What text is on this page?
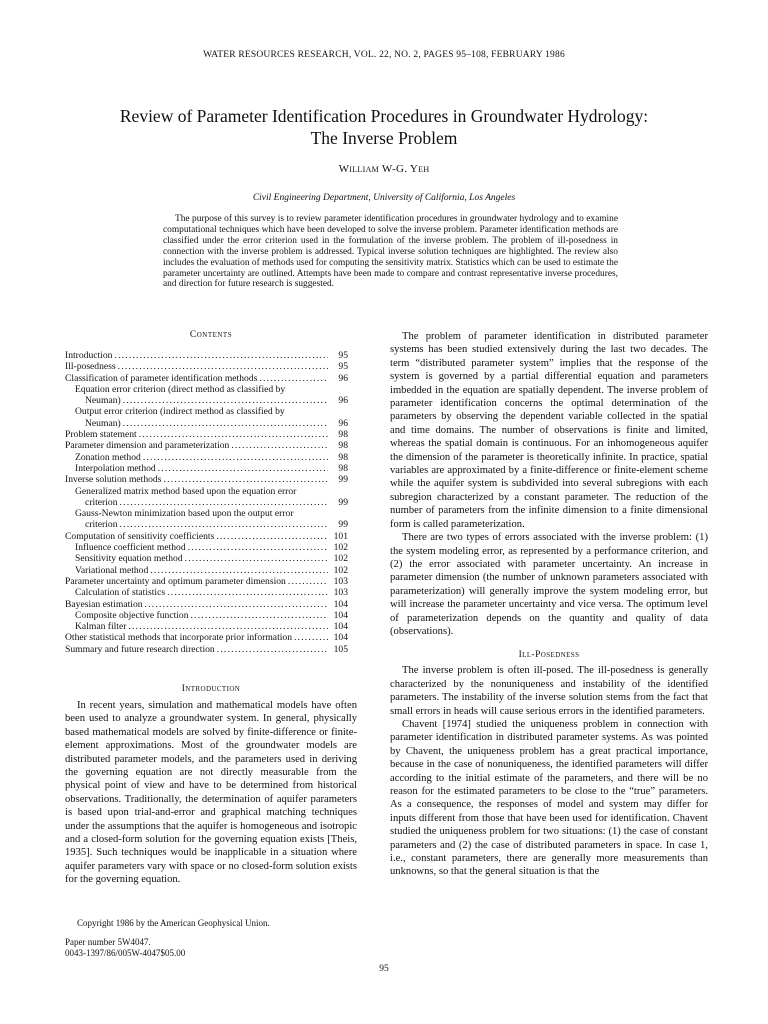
WATER RESOURCES RESEARCH, VOL. 22, NO. 2, PAGES 95–108, FEBRUARY 1986
Review of Parameter Identification Procedures in Groundwater Hydrology:
The Inverse Problem
William W-G. Yeh
Civil Engineering Department, University of California, Los Angeles
The purpose of this survey is to review parameter identification procedures in groundwater hydrology and to examine computational techniques which have been developed to solve the inverse problem. Parameter identification methods are classified under the error criterion used in the formulation of the inverse problem. The problem of ill-posedness in connection with the inverse problem is addressed. Typical inverse solution techniques are highlighted. The review also includes the evaluation of methods used for computing the sensitivity matrix. Statistics which can be used to estimate the parameter uncertainty are outlined. Attempts have been made to compare and contrast representative inverse procedures, and direction for future research is suggested.
Contents
Introduction .....	95
Ill-posedness .....	95
Classification of parameter identification methods .....	96
Equation error criterion (direct method as classified by
Neuman) .....	96
Output error criterion (indirect method as classified by
Neuman) .....	96
Problem statement .....	98
Parameter dimension and parameterization .....	98
Zonation method .....	98
Interpolation method .....	98
Inverse solution methods .....	99
Generalized matrix method based upon the equation error
criterion .....	99
Gauss-Newton minimization based upon the output error
criterion .....	99
Computation of sensitivity coefficients .....	101
Influence coefficient method .....	102
Sensitivity equation method .....	102
Variational method .....	102
Parameter uncertainty and optimum parameter dimension .....	103
Calculation of statistics .....	103
Bayesian estimation .....	104
Composite objective function .....	104
Kalman filter .....	104
Other statistical methods that incorporate prior information .....	104
Summary and future research direction .....	105
Introduction

In recent years, simulation and mathematical models have often been used to analyze a groundwater system. In general, physically based mathematical models are solved by finite-difference or finite-element approximations. Most of the groundwater models are distributed parameter models, and the parameters used in deriving the governing equation are not directly measurable from the physical point of view and have to be determined from historical observations. Traditionally, the determination of aquifer parameters is based upon trial-and-error and graphical matching techniques under the assumptions that the aquifer is homogeneous and isotropic and a closed-form solution for the governing equation exists [Theis, 1935]. Such techniques would be inapplicable in a situation where aquifer parameters vary with space or no closed-form solution exists for the governing equation.

Copyright 1986 by the American Geophysical Union.
Paper number 5W4047.
0043-1397/86/005W-4047$05.00

The problem of parameter identification in distributed parameter systems has been studied extensively during the last two decades. The term “distributed parameter system” implies that the response of the system is governed by a partial differential equation and parameters imbedded in the equation are spatially dependent. The inverse problem of parameter identification concerns the optimal determination of the parameters by observing the dependent variable collected in the spatial and time domains. The number of observations is finite and limited, whereas the spatial domain is continuous. For an inhomogeneous aquifer the dimension of the parameter is theoretically infinite. In practice, spatial variables are approximated by a finite-difference or finite-element scheme while the aquifer system is subdivided into several subregions with each subregion characterized by a constant parameter. The reduction of the number of parameters from the infinite dimension to a finite dimensional form is called parameterization.

There are two types of errors associated with the inverse problem: (1) the system modeling error, as represented by a performance criterion, and (2) the error associated with parameter uncertainty. An increase in parameter dimension (the number of unknown parameters associated with parameterization) will generally improve the system modeling error, but will increase the parameter uncertainty and vice versa. The optimum level of parameterization depends on the quantity and quality of data (observations).

Ill-Posedness

The inverse problem is often ill-posed. The ill-posedness is generally characterized by the nonuniqueness and instability of the identified parameters. The instability of the inverse solution stems from the fact that small errors in heads will cause serious errors in the identified parameters.

Chavent [1974] studied the uniqueness problem in connection with parameter identification in distributed parameter systems. As was pointed by Chavent, the uniqueness problem has a great practical importance, because in the case of nonuniqueness, the identified parameters will differ according to the initial estimate of the parameters, and there will be no reason for the estimated parameters to be close to the “true” parameters. As a consequence, the responses of model and system may differ for inputs different from those that have been used for identification. Chavent studied the uniqueness problem for two situations: (1) the case of constant parameters and (2) the case of distributed parameters in space. In case 1, i.e., constant parameters, there are generally more measurements than unknowns, so that the general situation is that the

95
